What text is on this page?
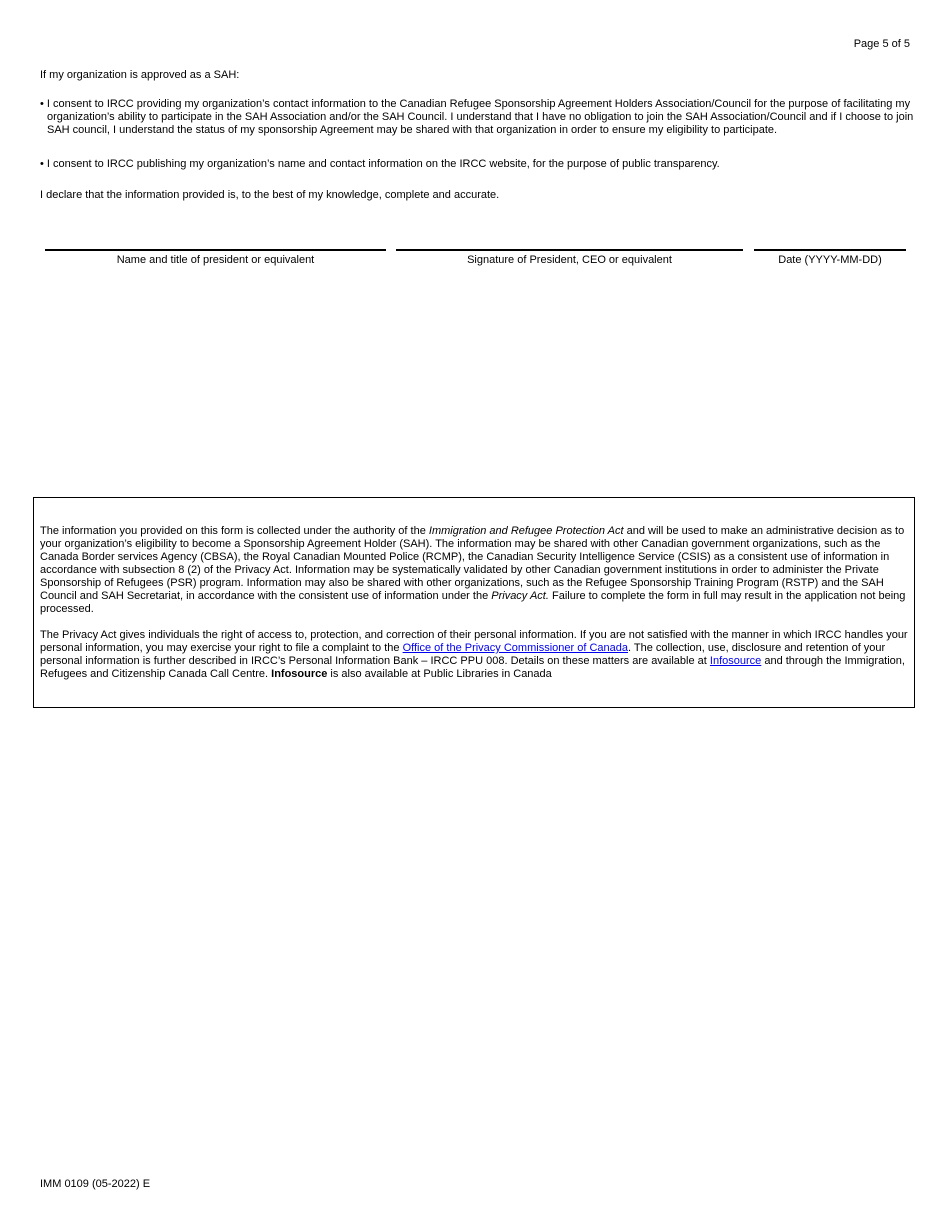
Page 5 of 5
If my organization is approved as a SAH:
• I consent to IRCC providing my organization’s contact information to the Canadian Refugee Sponsorship Agreement Holders Association/Council for the purpose of facilitating my organization’s ability to participate in the SAH Association and/or the SAH Council. I understand that I have no obligation to join the SAH Association/Council and if I choose to join SAH council, I understand the status of my sponsorship Agreement may be shared with that organization in order to ensure my eligibility to participate.
• I consent to IRCC publishing my organization’s name and contact information on the IRCC website, for the purpose of public transparency.
I declare that the information provided is, to the best of my knowledge, complete and accurate.
Name and title of president or equivalent	Signature of President, CEO or equivalent	Date (YYYY-MM-DD)

The information you provided on this form is collected under the authority of the Immigration and Refugee Protection Act and will be used to make an administrative decision as to your organization’s eligibility to become a Sponsorship Agreement Holder (SAH). The information may be shared with other Canadian government organizations, such as the Canada Border services Agency (CBSA), the Royal Canadian Mounted Police (RCMP), the Canadian Security Intelligence Service (CSIS) as a consistent use of information in accordance with subsection 8 (2) of the Privacy Act. Information may be systematically validated by other Canadian government institutions in order to administer the Private Sponsorship of Refugees (PSR) program. Information may also be shared with other organizations, such as the Refugee Sponsorship Training Program (RSTP) and the SAH Council and SAH Secretariat, in accordance with the consistent use of information under the Privacy Act. Failure to complete the form in full may result in the application not being processed.

The Privacy Act gives individuals the right of access to, protection, and correction of their personal information. If you are not satisfied with the manner in which IRCC handles your personal information, you may exercise your right to file a complaint to the Office of the Privacy Commissioner of Canada. The collection, use, disclosure and retention of your personal information is further described in IRCC’s Personal Information Bank – IRCC PPU 008. Details on these matters are available at Infosource and through the Immigration, Refugees and Citizenship Canada Call Centre. Infosource is also available at Public Libraries in Canada

IMM 0109 (05-2022) E
